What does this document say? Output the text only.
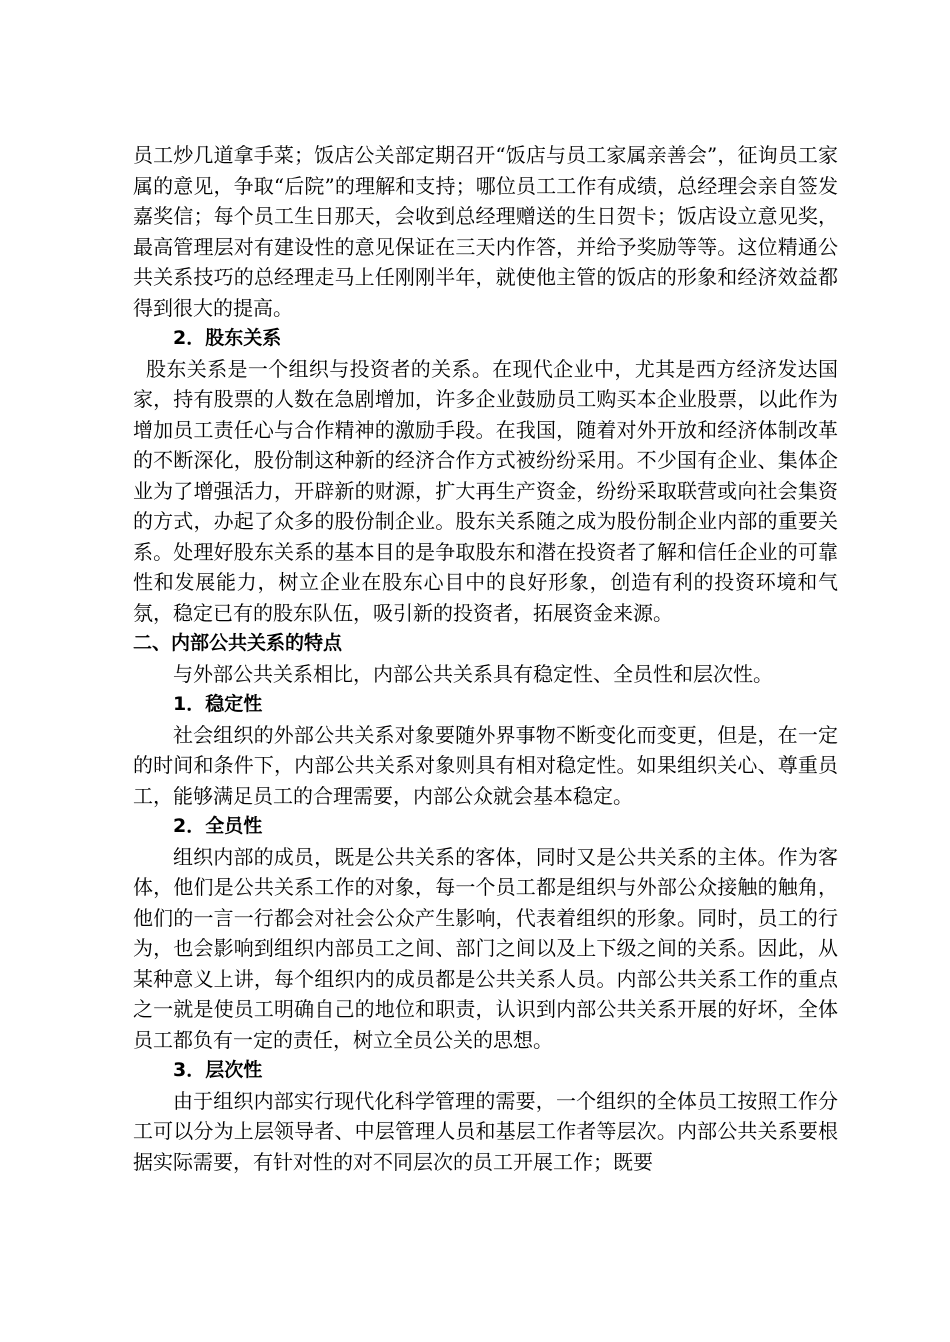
员工炒几道拿手菜；饭店公关部定期召开“饭店与员工家属亲善会”，征询员工家属的意见，争取“后院”的理解和支持；哪位员工工作有成绩，总经理会亲自签发嘉奖信；每个员工生日那天，会收到总经理赠送的生日贺卡；饭店设立意见奖，最高管理层对有建设性的意见保证在三天内作答，并给予奖励等等。这位精通公共关系技巧的总经理走马上任刚刚半年，就使他主管的饭店的形象和经济效益都得到很大的提高。

2．股东关系

股东关系是一个组织与投资者的关系。在现代企业中，尤其是西方经济发达国家，持有股票的人数在急剧增加，许多企业鼓励员工购买本企业股票，以此作为增加员工责任心与合作精神的激励手段。在我国，随着对外开放和经济体制改革的不断深化，股份制这种新的经济合作方式被纷纷采用。不少国有企业、集体企业为了增强活力，开辟新的财源，扩大再生产资金，纷纷采取联营或向社会集资的方式，办起了众多的股份制企业。股东关系随之成为股份制企业内部的重要关系。处理好股东关系的基本目的是争取股东和潜在投资者了解和信任企业的可靠性和发展能力，树立企业在股东心目中的良好形象，创造有利的投资环境和气氛，稳定已有的股东队伍，吸引新的投资者，拓展资金来源。

二、内部公共关系的特点

与外部公共关系相比，内部公共关系具有稳定性、全员性和层次性。

1．稳定性

社会组织的外部公共关系对象要随外界事物不断变化而变更，但是，在一定的时间和条件下，内部公共关系对象则具有相对稳定性。如果组织关心、尊重员工，能够满足员工的合理需要，内部公众就会基本稳定。

2．全员性

组织内部的成员，既是公共关系的客体，同时又是公共关系的主体。作为客体，他们是公共关系工作的对象，每一个员工都是组织与外部公众接触的触角，他们的一言一行都会对社会公众产生影响，代表着组织的形象。同时，员工的行为，也会影响到组织内部员工之间、部门之间以及上下级之间的关系。因此，从某种意义上讲，每个组织内的成员都是公共关系人员。内部公共关系工作的重点之一就是使员工明确自己的地位和职责，认识到内部公共关系开展的好坏，全体员工都负有一定的责任，树立全员公关的思想。

3．层次性

由于组织内部实行现代化科学管理的需要，一个组织的全体员工按照工作分工可以分为上层领导者、中层管理人员和基层工作者等层次。内部公共关系要根据实际需要，有针对性的对不同层次的员工开展工作；既要
